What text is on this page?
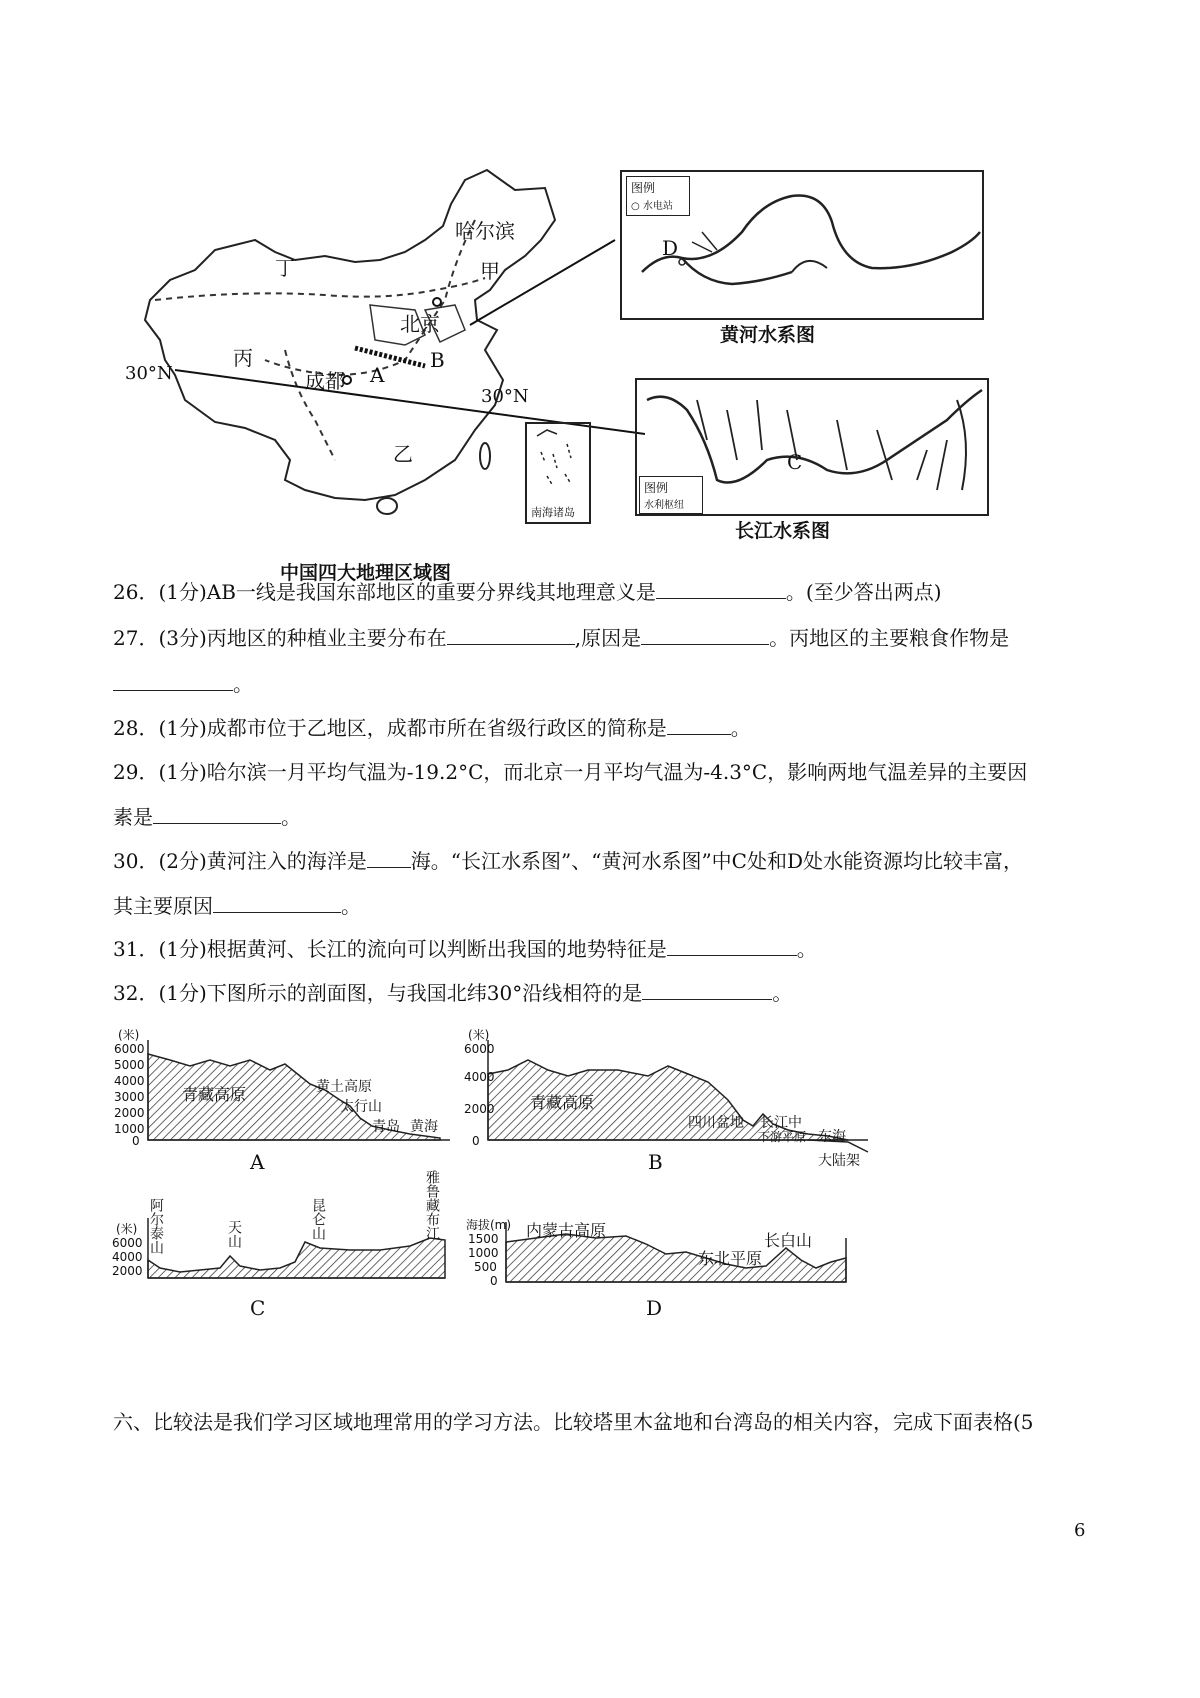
哈尔滨
甲
丁
北京
丙	B
A
成都
乙
30°N
30°N
南海诸岛
中国四大地理区域图
图例
○ 水电站
D
黄河水系图
图例
水利枢纽
C
长江水系图
26．(1分)AB一线是我国东部地区的重要分界线其地理意义是	。(至少答出两点)
27．(3分)丙地区的种植业主要分布在	,原因是	。丙地区的主要粮食作物是
。
28．(1分)成都市位于乙地区，成都市所在省级行政区的简称是	。
29．(1分)哈尔滨一月平均气温为-19.2°C，而北京一月平均气温为-4.3°C，影响两地气温差异的主要因
素是	。
30．(2分)黄河注入的海洋是 海。“长江水系图”、“黄河水系图”中C处和D处水能资源均比较丰富，
其主要原因	。
31．(1分)根据黄河、长江的流向可以判断出我国的地势特征是	。
32．(1分)下图所示的剖面图，与我国北纬30°沿线相符的是	。
(米)
6000
5000
4000
3000
2000
1000
0
青藏高原	黄土高原
太行山
青岛 黄海
A
(米)
6000
4000
2000
0
青藏高原
四川盆地 长江中
下游平原 东海
大陆架
B
(米)
6000
4000
2000
阿尔泰山	天山	昆仑山	雅鲁藏布江
C
海拔(m)
1500
1000
500
0
内蒙古高原
东北平原
长白山
D
六、比较法是我们学习区域地理常用的学习方法。比较塔里木盆地和台湾岛的相关内容，完成下面表格(5
6
